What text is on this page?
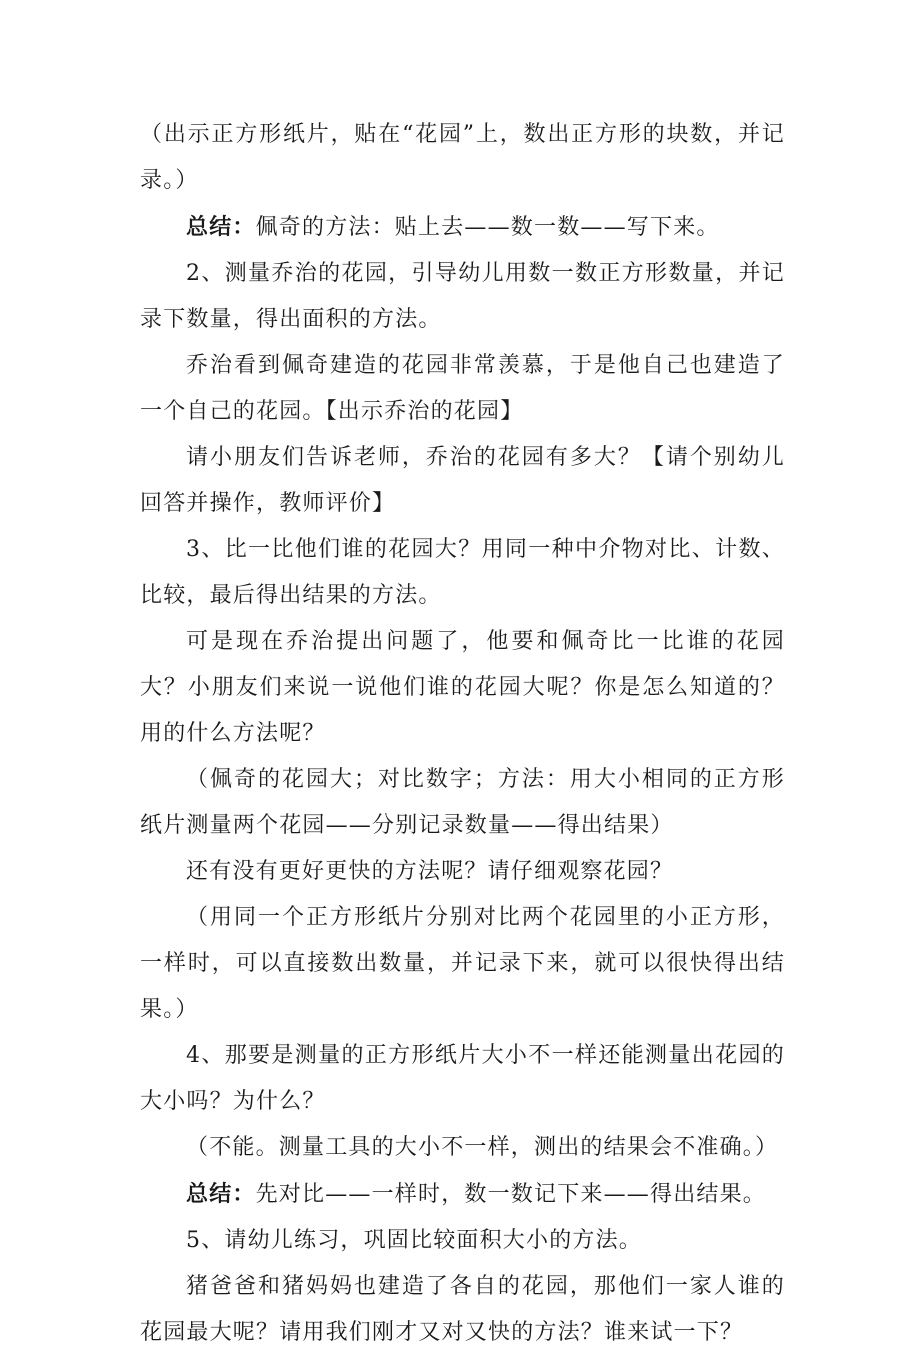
（出示正方形纸片，贴在“花园”上，数出正方形的块数，并记录。）

总结：佩奇的方法：贴上去——数一数——写下来。

2、测量乔治的花园，引导幼儿用数一数正方形数量，并记录下数量，得出面积的方法。

乔治看到佩奇建造的花园非常羡慕，于是他自己也建造了一个自己的花园。【出示乔治的花园】

请小朋友们告诉老师，乔治的花园有多大？【请个别幼儿回答并操作，教师评价】

3、比一比他们谁的花园大？用同一种中介物对比、计数、比较，最后得出结果的方法。

可是现在乔治提出问题了，他要和佩奇比一比谁的花园大？小朋友们来说一说他们谁的花园大呢？你是怎么知道的？用的什么方法呢？

（佩奇的花园大；对比数字；方法：用大小相同的正方形纸片测量两个花园——分别记录数量——得出结果）

还有没有更好更快的方法呢？请仔细观察花园？

（用同一个正方形纸片分别对比两个花园里的小正方形，一样时，可以直接数出数量，并记录下来，就可以很快得出结果。）

4、那要是测量的正方形纸片大小不一样还能测量出花园的大小吗？为什么？

（不能。测量工具的大小不一样，测出的结果会不准确。）

总结：先对比——一样时，数一数记下来——得出结果。

5、请幼儿练习，巩固比较面积大小的方法。

猪爸爸和猪妈妈也建造了各自的花园，那他们一家人谁的花园最大呢？请用我们刚才又对又快的方法？谁来试一下？
